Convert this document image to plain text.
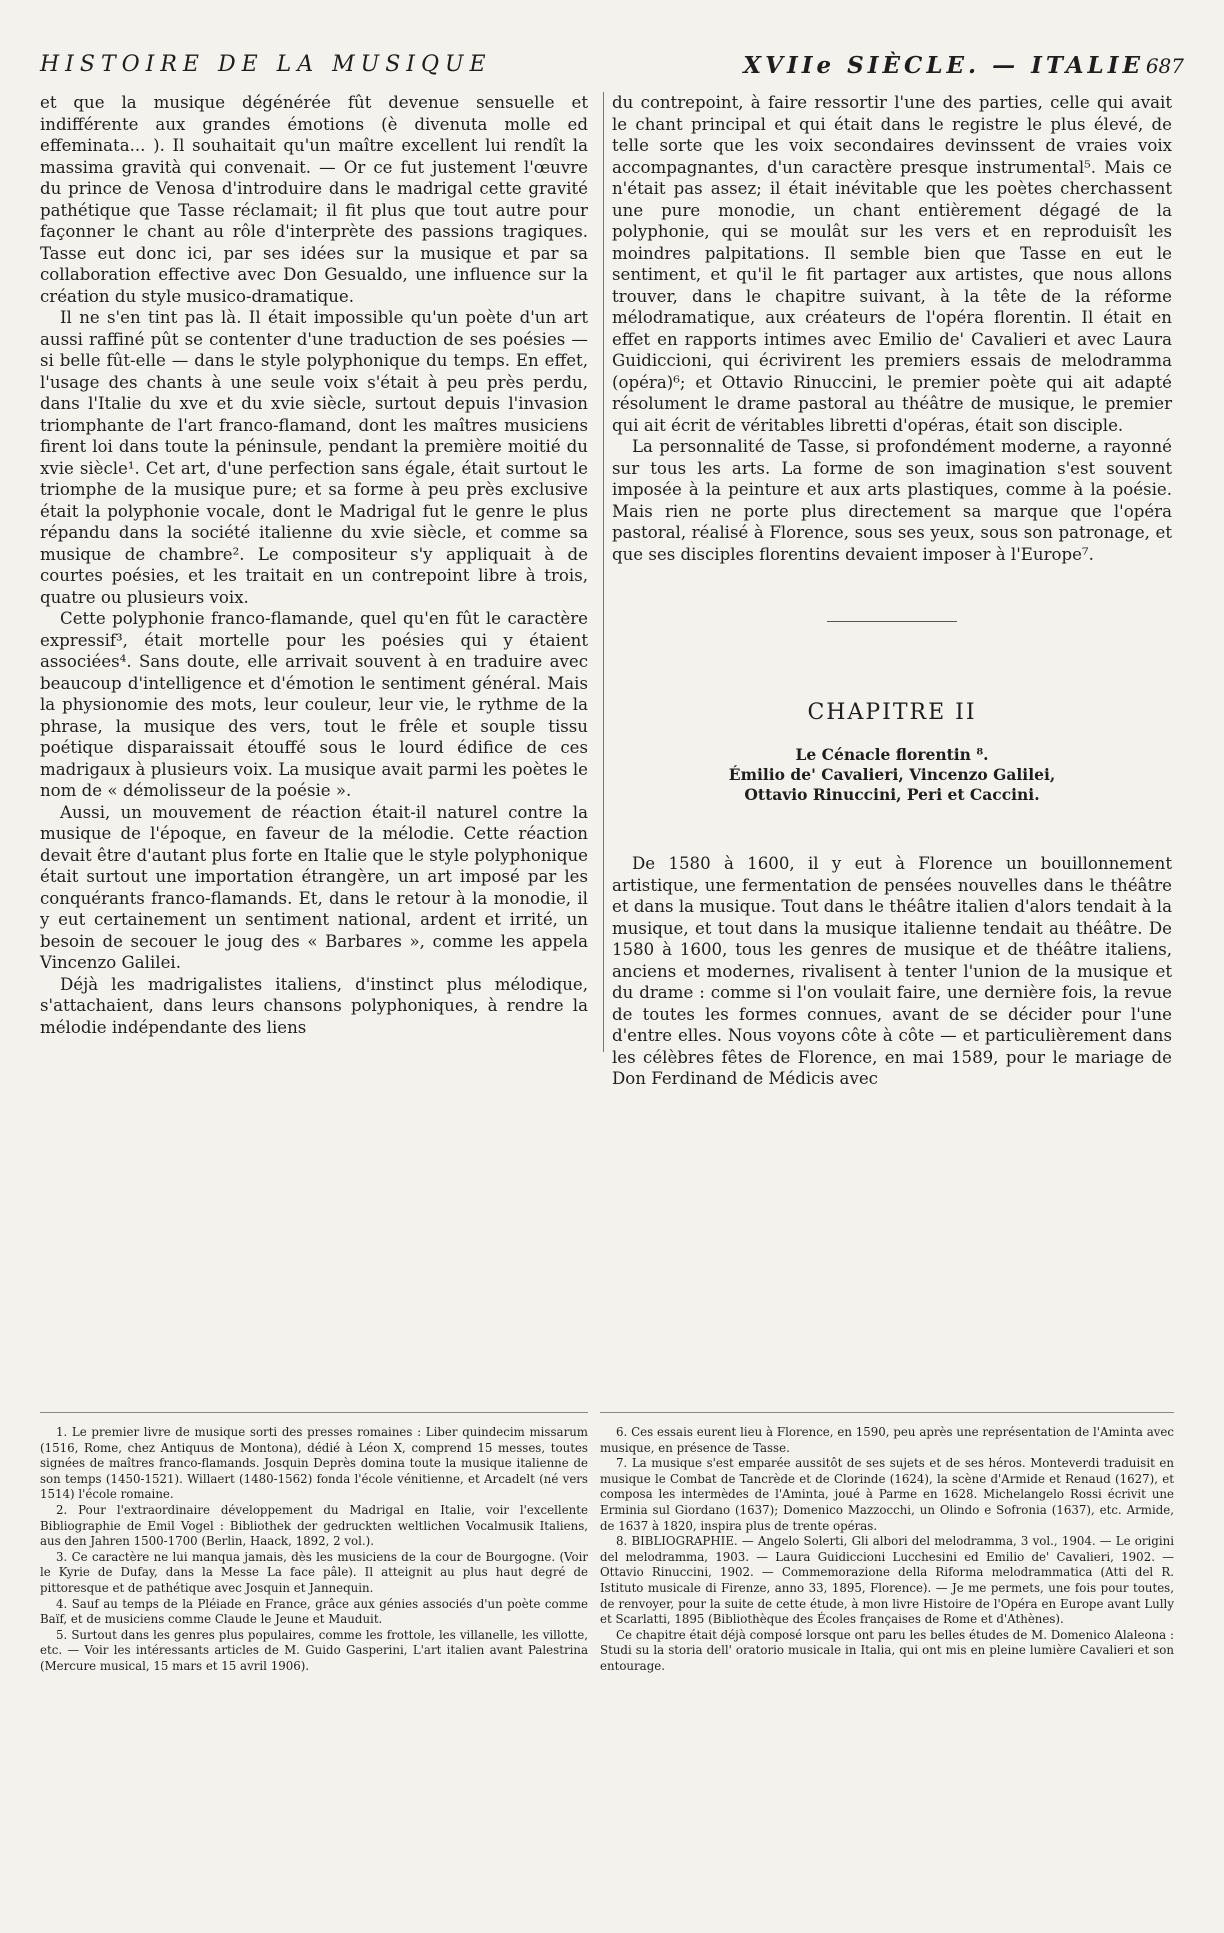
HISTOIRE DE LA MUSIQUE	XVIIe SIÈCLE. — ITALIE 687

et que la musique dégénérée fût devenue sensuelle et indifférente aux grandes émotions (è divenuta molle ed effeminata... ). Il souhaitait qu'un maître excellent lui rendît la massima gravità qui convenait. — Or ce fut justement l'œuvre du prince de Venosa d'introduire dans le madrigal cette gravité pathétique que Tasse réclamait; il fit plus que tout autre pour façonner le chant au rôle d'interprète des passions tragiques. Tasse eut donc ici, par ses idées sur la musique et par sa collaboration effective avec Don Gesualdo, une influence sur la création du style musico-dramatique.

Il ne s'en tint pas là. Il était impossible qu'un poète d'un art aussi raffiné pût se contenter d'une traduction de ses poésies — si belle fût-elle — dans le style polyphonique du temps. En effet, l'usage des chants à une seule voix s'était à peu près perdu, dans l'Italie du xve et du xvie siècle, surtout depuis l'invasion triomphante de l'art franco-flamand, dont les maîtres musiciens firent loi dans toute la péninsule, pendant la première moitié du xvie siècle¹. Cet art, d'une perfection sans égale, était surtout le triomphe de la musique pure; et sa forme à peu près exclusive était la polyphonie vocale, dont le Madrigal fut le genre le plus répandu dans la société italienne du xvie siècle, et comme sa musique de chambre². Le compositeur s'y appliquait à de courtes poésies, et les traitait en un contrepoint libre à trois, quatre ou plusieurs voix.

Cette polyphonie franco-flamande, quel qu'en fût le caractère expressif³, était mortelle pour les poésies qui y étaient associées⁴. Sans doute, elle arrivait souvent à en traduire avec beaucoup d'intelligence et d'émotion le sentiment général. Mais la physionomie des mots, leur couleur, leur vie, le rythme de la phrase, la musique des vers, tout le frêle et souple tissu poétique disparaissait étouffé sous le lourd édifice de ces madrigaux à plusieurs voix. La musique avait parmi les poètes le nom de « démolisseur de la poésie ».

Aussi, un mouvement de réaction était-il naturel contre la musique de l'époque, en faveur de la mélodie. Cette réaction devait être d'autant plus forte en Italie que le style polyphonique était surtout une importation étrangère, un art imposé par les conquérants franco-flamands. Et, dans le retour à la monodie, il y eut certainement un sentiment national, ardent et irrité, un besoin de secouer le joug des « Barbares », comme les appela Vincenzo Galilei.

Déjà les madrigalistes italiens, d'instinct plus mélodique, s'attachaient, dans leurs chansons polyphoniques, à rendre la mélodie indépendante des liens

du contrepoint, à faire ressortir l'une des parties, celle qui avait le chant principal et qui était dans le registre le plus élevé, de telle sorte que les voix secondaires devinssent de vraies voix accompagnantes, d'un caractère presque instrumental⁵. Mais ce n'était pas assez; il était inévitable que les poètes cherchassent une pure monodie, un chant entièrement dégagé de la polyphonie, qui se moulât sur les vers et en reproduisît les moindres palpitations. Il semble bien que Tasse en eut le sentiment, et qu'il le fit partager aux artistes, que nous allons trouver, dans le chapitre suivant, à la tête de la réforme mélodramatique, aux créateurs de l'opéra florentin. Il était en effet en rapports intimes avec Emilio de' Cavalieri et avec Laura Guidiccioni, qui écrivirent les premiers essais de melodramma (opéra)⁶; et Ottavio Rinuccini, le premier poète qui ait adapté résolument le drame pastoral au théâtre de musique, le premier qui ait écrit de véritables libretti d'opéras, était son disciple.

La personnalité de Tasse, si profondément moderne, a rayonné sur tous les arts. La forme de son imagination s'est souvent imposée à la peinture et aux arts plastiques, comme à la poésie. Mais rien ne porte plus directement sa marque que l'opéra pastoral, réalisé à Florence, sous ses yeux, sous son patronage, et que ses disciples florentins devaient imposer à l'Europe⁷.

CHAPITRE II
Le Cénacle florentin ⁸.
Émilio de' Cavalieri, Vincenzo Galilei,
Ottavio Rinuccini, Peri et Caccini.

De 1580 à 1600, il y eut à Florence un bouillonnement artistique, une fermentation de pensées nouvelles dans le théâtre et dans la musique. Tout dans le théâtre italien d'alors tendait à la musique, et tout dans la musique italienne tendait au théâtre. De 1580 à 1600, tous les genres de musique et de théâtre italiens, anciens et modernes, rivalisent à tenter l'union de la musique et du drame : comme si l'on voulait faire, une dernière fois, la revue de toutes les formes connues, avant de se décider pour l'une d'entre elles. Nous voyons côte à côte — et particulièrement dans les célèbres fêtes de Florence, en mai 1589, pour le mariage de Don Ferdinand de Médicis avec

1. Le premier livre de musique sorti des presses romaines : Liber quindecim missarum (1516, Rome, chez Antiquus de Montona), dédié à Léon X, comprend 15 messes, toutes signées de maîtres franco-flamands. Josquin Deprès domina toute la musique italienne de son temps (1450-1521). Willaert (1480-1562) fonda l'école vénitienne, et Arcadelt (né vers 1514) l'école romaine.
2. Pour l'extraordinaire développement du Madrigal en Italie, voir l'excellente Bibliographie de Emil Vogel : Bibliothek der gedruckten weltlichen Vocalmusik Italiens, aus den Jahren 1500-1700 (Berlin, Haack, 1892, 2 vol.).
3. Ce caractère ne lui manqua jamais, dès les musiciens de la cour de Bourgogne. (Voir le Kyrie de Dufay, dans la Messe La face pâle). Il atteignit au plus haut degré de pittoresque et de pathétique avec Josquin et Jannequin.
4. Sauf au temps de la Pléiade en France, grâce aux génies associés d'un poète comme Baïf, et de musiciens comme Claude le Jeune et Mauduit.
5. Surtout dans les genres plus populaires, comme les frottole, les villanelle, les villotte, etc. — Voir les intéressants articles de M. Guido Gasperini, L'art italien avant Palestrina (Mercure musical, 15 mars et 15 avril 1906).
6. Ces essais eurent lieu à Florence, en 1590, peu après une représentation de l'Aminta avec musique, en présence de Tasse.
7. La musique s'est emparée aussitôt de ses sujets et de ses héros. Monteverdi traduisit en musique le Combat de Tancrède et de Clorinde (1624), la scène d'Armide et Renaud (1627), et composa les intermèdes de l'Aminta, joué à Parme en 1628. Michelangelo Rossi écrivit une Erminia sul Giordano (1637); Domenico Mazzocchi, un Olindo e Sofronia (1637), etc. Armide, de 1637 à 1820, inspira plus de trente opéras.
8. BIBLIOGRAPHIE. — Angelo Solerti, Gli albori del melodramma, 3 vol., 1904. — Le origini del melodramma, 1903. — Laura Guidiccioni Lucchesini ed Emilio de' Cavalieri, 1902. — Ottavio Rinuccini, 1902. — Commemorazione della Riforma melodrammatica (Atti del R. Istituto musicale di Firenze, anno 33, 1895, Florence). — Je me permets, une fois pour toutes, de renvoyer, pour la suite de cette étude, à mon livre Histoire de l'Opéra en Europe avant Lully et Scarlatti, 1895 (Bibliothèque des Écoles françaises de Rome et d'Athènes).
Ce chapitre était déjà composé lorsque ont paru les belles études de M. Domenico Alaleona : Studi su la storia dell' oratorio musicale in Italia, qui ont mis en pleine lumière Cavalieri et son entourage.
